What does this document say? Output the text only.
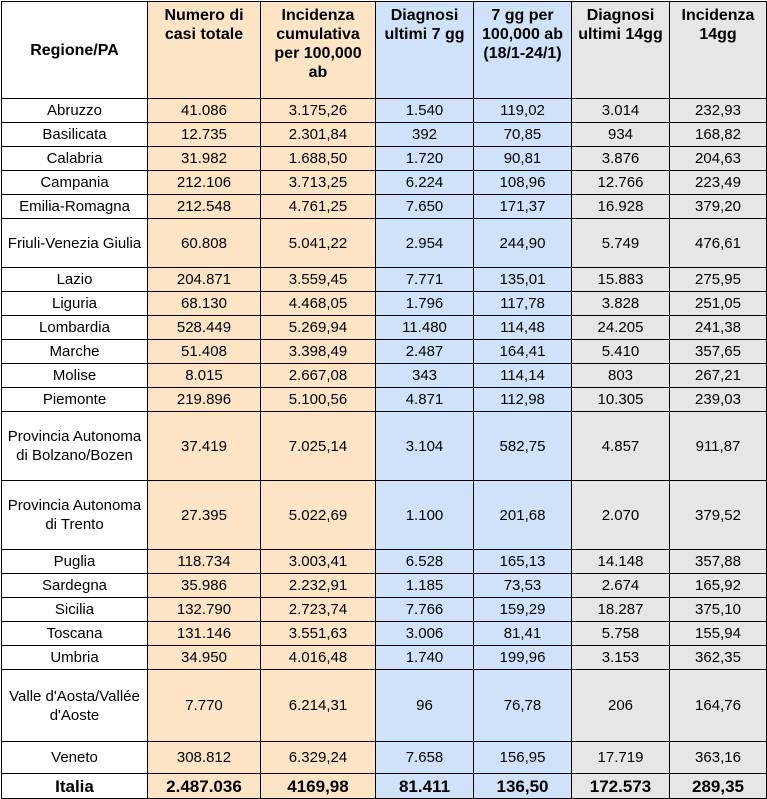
Regione/PA	Numero di casi totale	Incidenza cumulativa per 100,000 ab	Diagnosi ultimi 7 gg	7 gg per 100,000 ab (18/1-24/1)	Diagnosi ultimi 14gg	Incidenza 14gg
Abruzzo	41.086	3.175,26	1.540	119,02	3.014	232,93
Basilicata	12.735	2.301,84	392	70,85	934	168,82
Calabria	31.982	1.688,50	1.720	90,81	3.876	204,63
Campania	212.106	3.713,25	6.224	108,96	12.766	223,49
Emilia-Romagna	212.548	4.761,25	7.650	171,37	16.928	379,20
Friuli-Venezia Giulia	60.808	5.041,22	2.954	244,90	5.749	476,61
Lazio	204.871	3.559,45	7.771	135,01	15.883	275,95
Liguria	68.130	4.468,05	1.796	117,78	3.828	251,05
Lombardia	528.449	5.269,94	11.480	114,48	24.205	241,38
Marche	51.408	3.398,49	2.487	164,41	5.410	357,65
Molise	8.015	2.667,08	343	114,14	803	267,21
Piemonte	219.896	5.100,56	4.871	112,98	10.305	239,03
Provincia Autonoma di Bolzano/Bozen	37.419	7.025,14	3.104	582,75	4.857	911,87
Provincia Autonoma di Trento	27.395	5.022,69	1.100	201,68	2.070	379,52
Puglia	118.734	3.003,41	6.528	165,13	14.148	357,88
Sardegna	35.986	2.232,91	1.185	73,53	2.674	165,92
Sicilia	132.790	2.723,74	7.766	159,29	18.287	375,10
Toscana	131.146	3.551,63	3.006	81,41	5.758	155,94
Umbria	34.950	4.016,48	1.740	199,96	3.153	362,35
Valle d'Aosta/Vallée d'Aoste	7.770	6.214,31	96	76,78	206	164,76
Veneto	308.812	6.329,24	7.658	156,95	17.719	363,16
Italia	2.487.036	4169,98	81.411	136,50	172.573	289,35
